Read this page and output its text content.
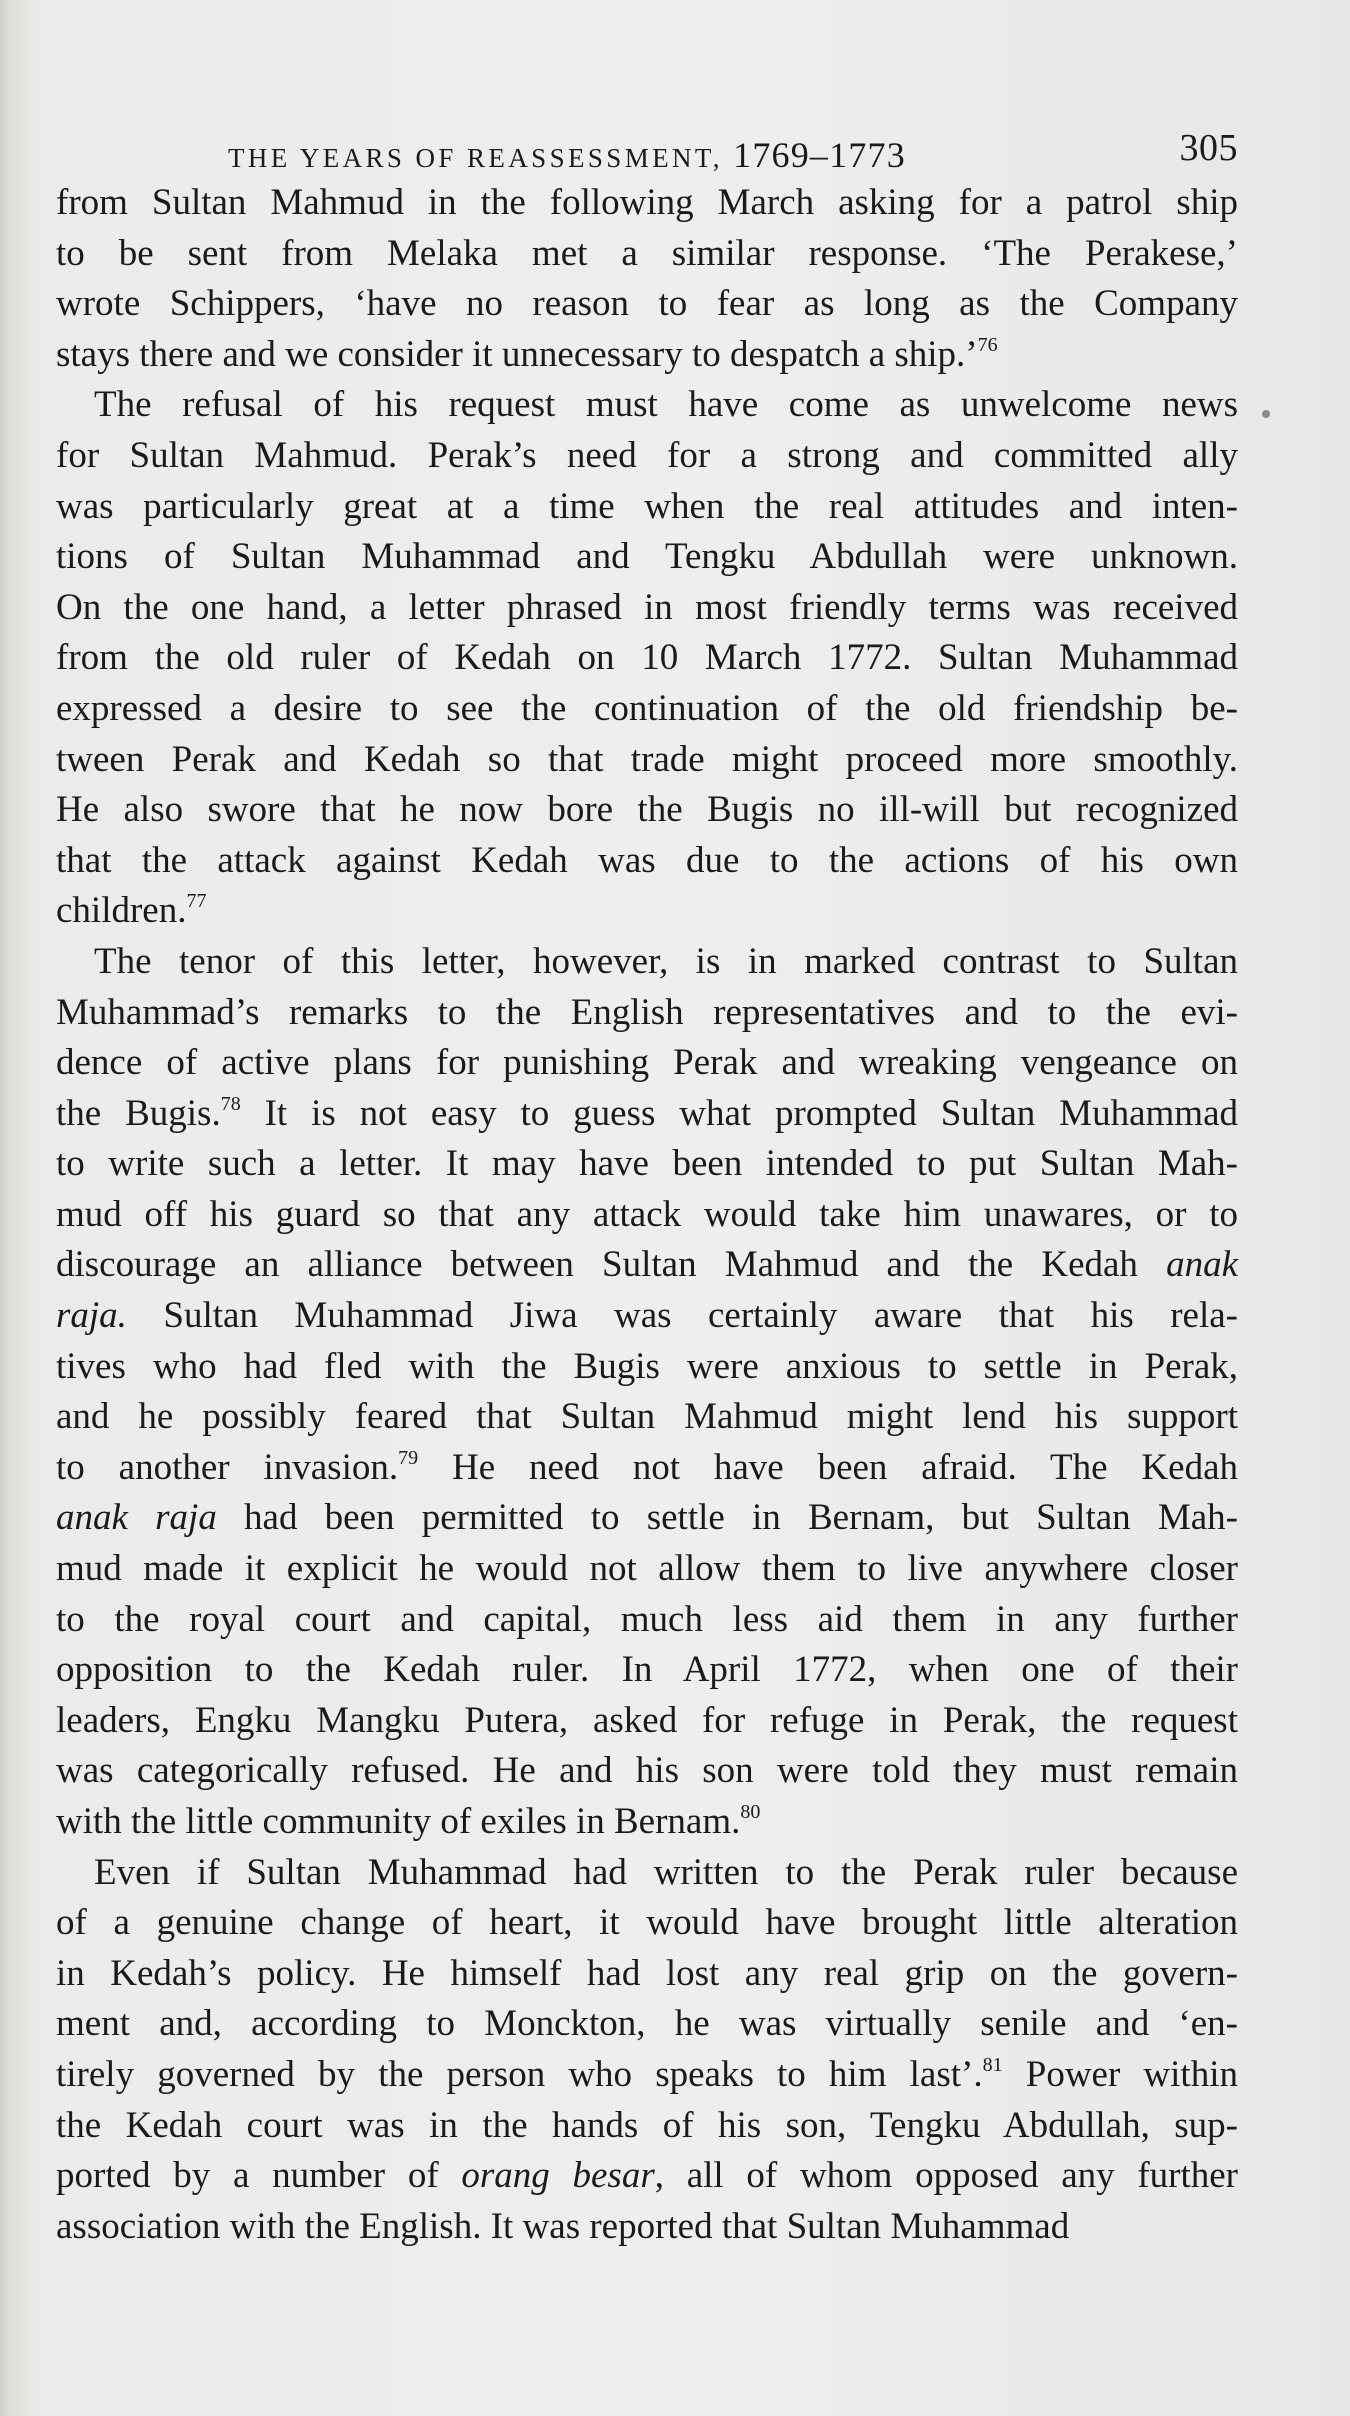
THE YEARS OF REASSESSMENT, 1769–1773	305
from Sultan Mahmud in the following March asking for a patrol ship
to be sent from Melaka met a similar response. ‘The Perakese,’
wrote Schippers, ‘have no reason to fear as long as the Company
stays there and we consider it unnecessary to despatch a ship.’$^{76}$
The refusal of his request must have come as unwelcome news
for Sultan Mahmud. Perak’s need for a strong and committed ally
was particularly great at a time when the real attitudes and inten-
tions of Sultan Muhammad and Tengku Abdullah were unknown.
On the one hand, a letter phrased in most friendly terms was received
from the old ruler of Kedah on 10 March 1772. Sultan Muhammad
expressed a desire to see the continuation of the old friendship be-
tween Perak and Kedah so that trade might proceed more smoothly.
He also swore that he now bore the Bugis no ill-will but recognized
that the attack against Kedah was due to the actions of his own
children.$^{77}$
The tenor of this letter, however, is in marked contrast to Sultan
Muhammad’s remarks to the English representatives and to the evi-
dence of active plans for punishing Perak and wreaking vengeance on
the Bugis.$^{78}$ It is not easy to guess what prompted Sultan Muhammad
to write such a letter. It may have been intended to put Sultan Mah-
mud off his guard so that any attack would take him unawares, or to
discourage an alliance between Sultan Mahmud and the Kedah anak
raja. Sultan Muhammad Jiwa was certainly aware that his rela-
tives who had fled with the Bugis were anxious to settle in Perak,
and he possibly feared that Sultan Mahmud might lend his support
to another invasion.$^{79}$ He need not have been afraid. The Kedah
anak raja had been permitted to settle in Bernam, but Sultan Mah-
mud made it explicit he would not allow them to live anywhere closer
to the royal court and capital, much less aid them in any further
opposition to the Kedah ruler. In April 1772, when one of their
leaders, Engku Mangku Putera, asked for refuge in Perak, the request
was categorically refused. He and his son were told they must remain
with the little community of exiles in Bernam.$^{80}$
Even if Sultan Muhammad had written to the Perak ruler because
of a genuine change of heart, it would have brought little alteration
in Kedah’s policy. He himself had lost any real grip on the govern-
ment and, according to Monckton, he was virtually senile and ‘en-
tirely governed by the person who speaks to him last’.$^{81}$ Power within
the Kedah court was in the hands of his son, Tengku Abdullah, sup-
ported by a number of orang besar, all of whom opposed any further
association with the English. It was reported that Sultan Muhammad
